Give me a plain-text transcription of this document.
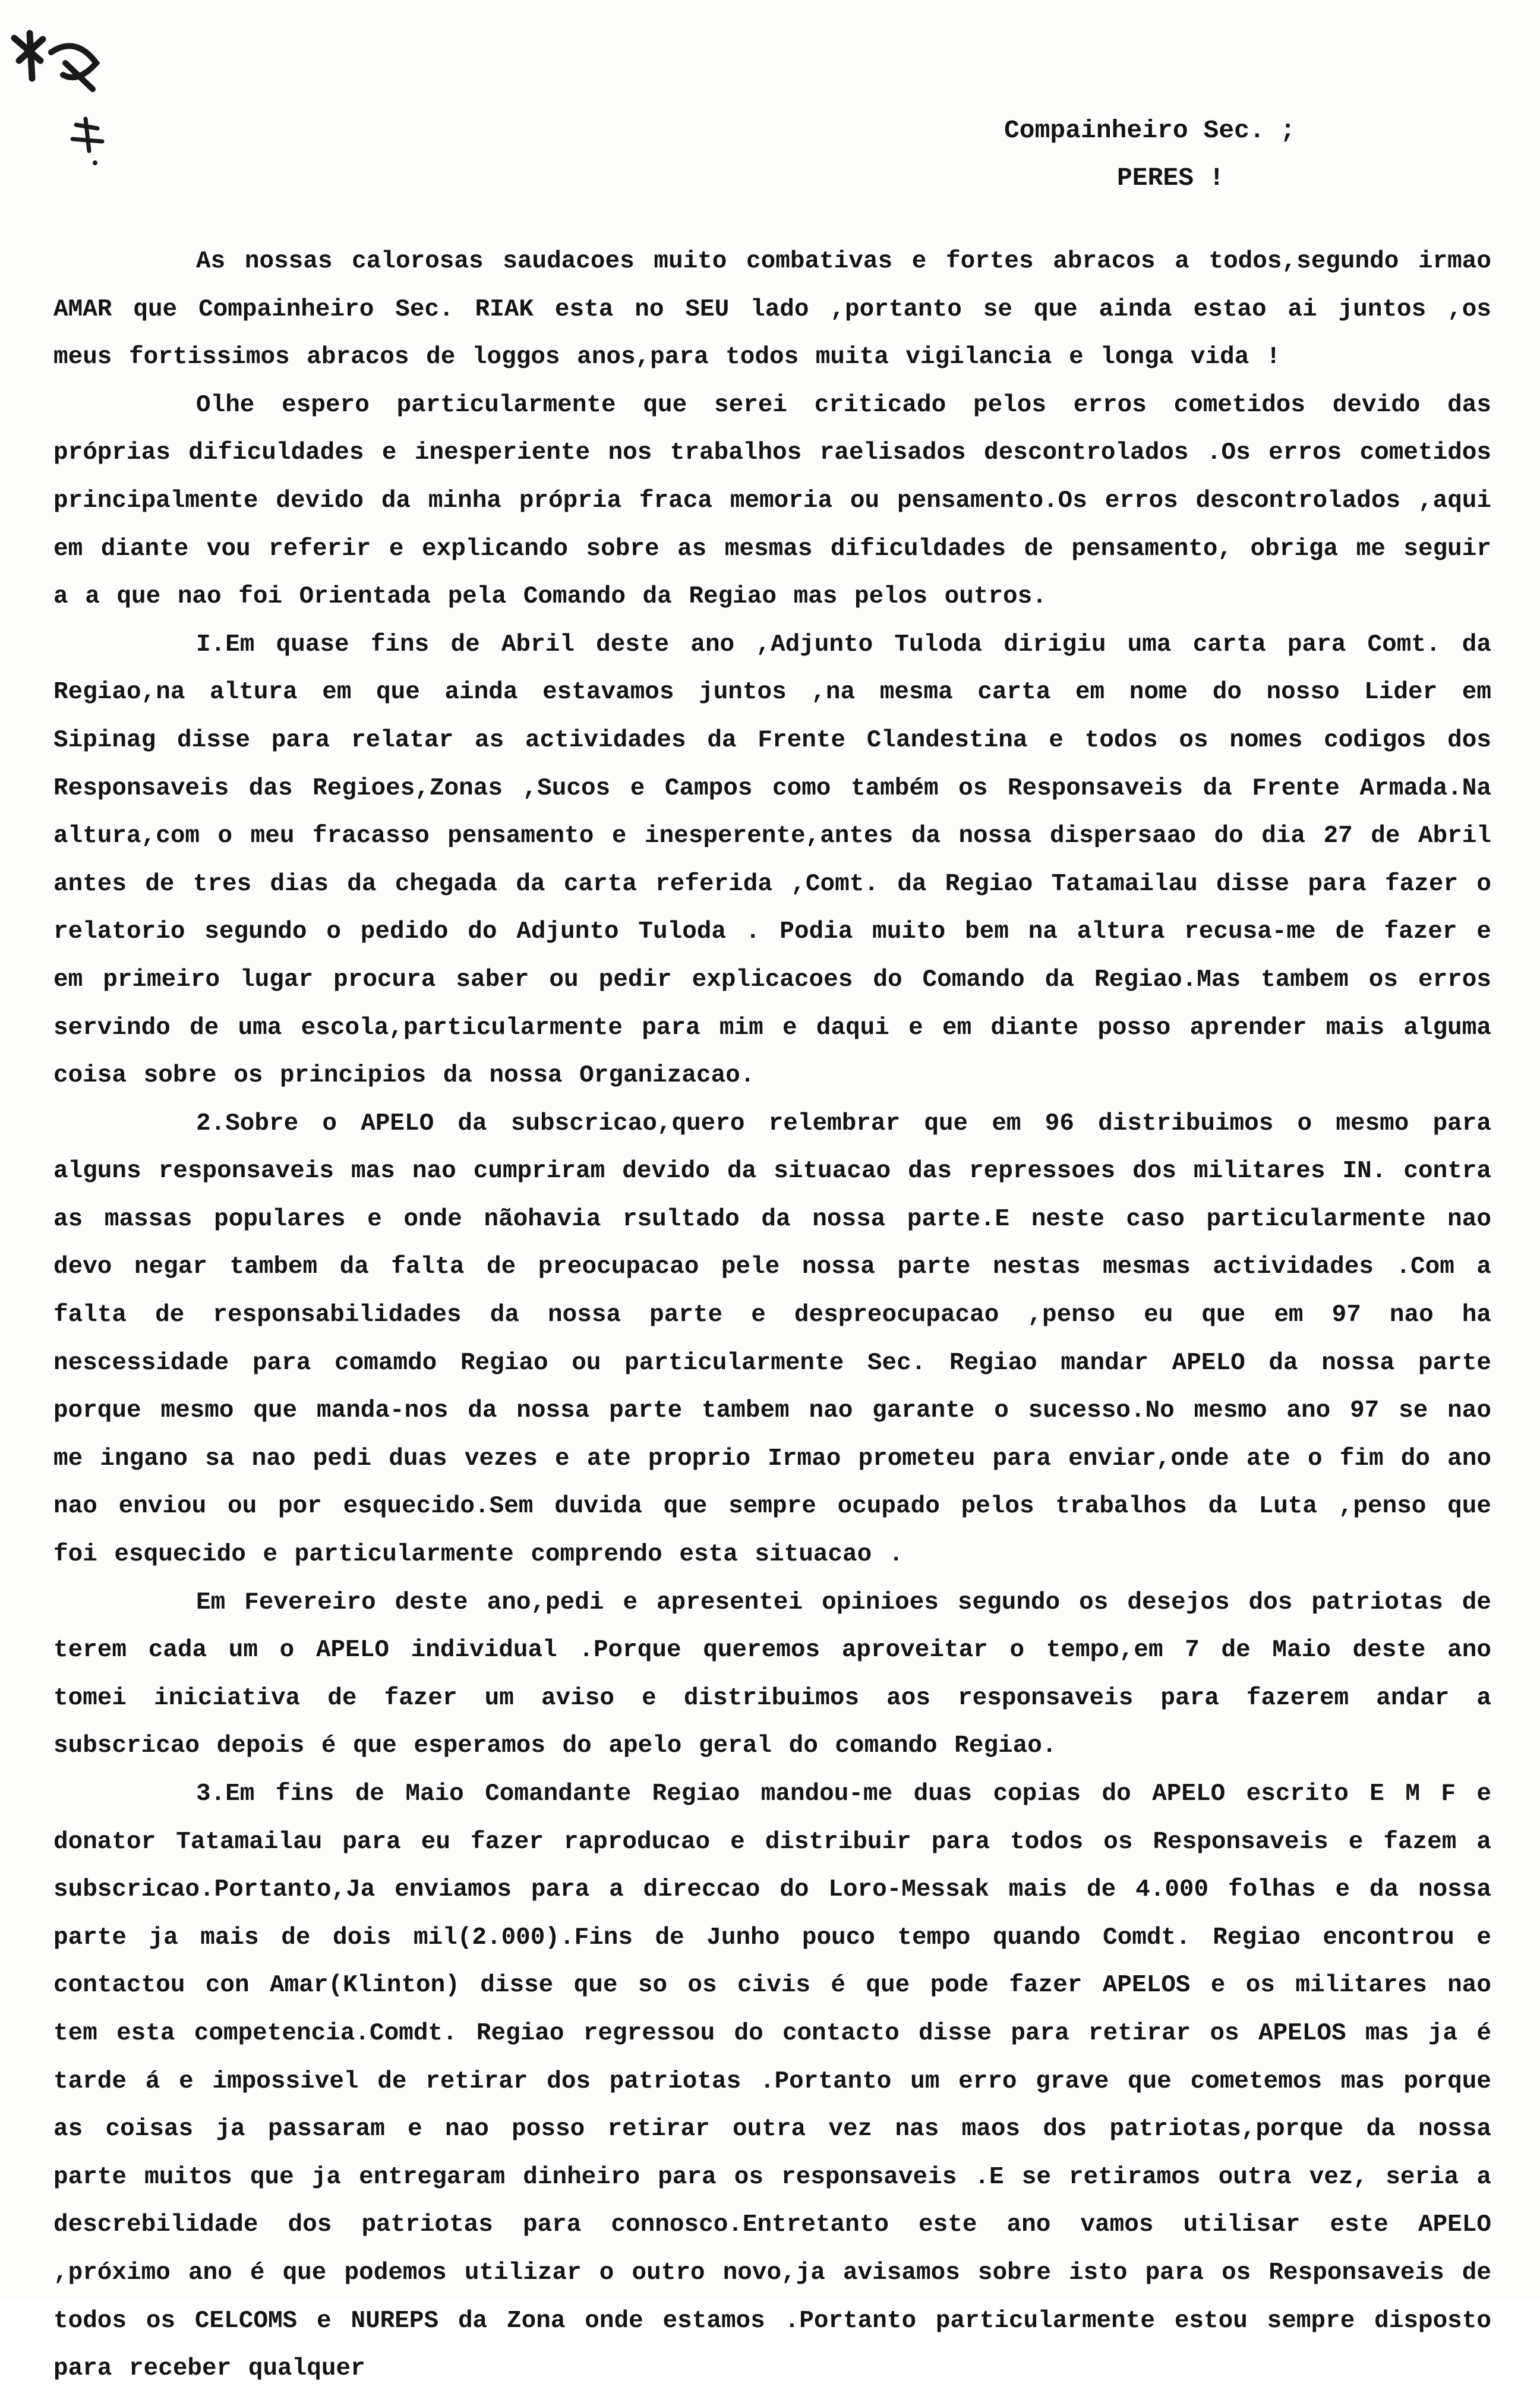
Compainheiro Sec. ;
PERES !

As nossas calorosas saudacoes muito combativas e fortes abracos a todos,segundo irmao AMAR que Compainheiro Sec. RIAK esta no SEU lado ,portanto se que ainda estao ai juntos ,os meus fortissimos abracos de loggos anos,para todos muita vigilancia e longa vida !

Olhe espero particularmente que serei criticado pelos erros cometidos devido das próprias dificuldades e inesperiente nos trabalhos raelisados descontrolados .Os erros cometidos principalmente devido da minha própria fraca memoria ou pensamento.Os erros descontrolados ,aqui em diante vou referir e explicando sobre as mesmas dificuldades de pensamento, obriga me seguir a a que nao foi Orientada pela Comando da Regiao mas pelos outros.

I.Em quase fins de Abril deste ano ,Adjunto Tuloda dirigiu uma carta para Comt. da Regiao,na altura em que ainda estavamos juntos ,na mesma carta em nome do nosso Lider em Sipinag disse para relatar as actividades da Frente Clandestina e todos os nomes codigos dos Responsaveis das Regioes,Zonas ,Sucos e Campos como também os Responsaveis da Frente Armada.Na altura,com o meu fracasso pensamento e inesperente,antes da nossa dispersaao do dia 27 de Abril antes de tres dias da chegada da carta referida ,Comt. da Regiao Tatamailau disse para fazer o relatorio segundo o pedido do Adjunto Tuloda . Podia muito bem na altura recusa-me de fazer e em primeiro lugar procura saber ou pedir explicacoes do Comando da Regiao.Mas tambem os erros servindo de uma escola,particularmente para mim e daqui e em diante posso aprender mais alguma coisa sobre os principios da nossa Organizacao.

2.Sobre o APELO da subscricao,quero relembrar que em 96 distribuimos o mesmo para alguns responsaveis mas nao cumpriram devido da situacao das repressoes dos militares IN. contra as massas populares e onde nãohavia rsultado da nossa parte.E neste caso particularmente nao devo negar tambem da falta de preocupacao pele nossa parte nestas mesmas actividades .Com a falta de responsabilidades da nossa parte e despreocupacao ,penso eu que em 97 nao ha nescessidade para comamdo Regiao ou particularmente Sec. Regiao mandar APELO da nossa parte porque mesmo que manda-nos da nossa parte tambem nao garante o sucesso.No mesmo ano 97 se nao me ingano sa nao pedi duas vezes e ate proprio Irmao prometeu para enviar,onde ate o fim do ano nao enviou ou por esquecido.Sem duvida que sempre ocupado pelos trabalhos da Luta ,penso que foi esquecido e particularmente comprendo esta situacao .

Em Fevereiro deste ano,pedi e apresentei opinioes segundo os desejos dos patriotas de terem cada um o APELO individual .Porque queremos aproveitar o tempo,em 7 de Maio deste ano tomei iniciativa de fazer um aviso e distribuimos aos responsaveis para fazerem andar a subscricao depois é que esperamos do apelo geral do comando Regiao.

3.Em fins de Maio Comandante Regiao mandou-me duas copias do APELO escrito E M F e donator Tatamailau para eu fazer raproducao e distribuir para todos os Responsaveis e fazem a subscricao.Portanto,Ja enviamos para a direccao do Loro-Messak mais de 4.000 folhas e da nossa parte ja mais de dois mil(2.000).Fins de Junho pouco tempo quando Comdt. Regiao encontrou e contactou con Amar(Klinton) disse que so os civis é que pode fazer APELOS e os militares nao tem esta competencia.Comdt. Regiao regressou do contacto disse para retirar os APELOS mas ja é tarde á e impossivel de retirar dos patriotas .Portanto um erro grave que cometemos mas porque as coisas ja passaram e nao posso retirar outra vez nas maos dos patriotas,porque da nossa parte muitos que ja entregaram dinheiro para os responsaveis .E se retiramos outra vez, seria a descrebilidade dos patriotas para connosco.Entretanto este ano vamos utilisar este APELO ,próximo ano é que podemos utilizar o outro novo,ja avisamos sobre isto para os Responsaveis de todos os CELCOMS e NUREPS da Zona onde estamos .Portanto particularmente estou sempre disposto para receber qualquer
